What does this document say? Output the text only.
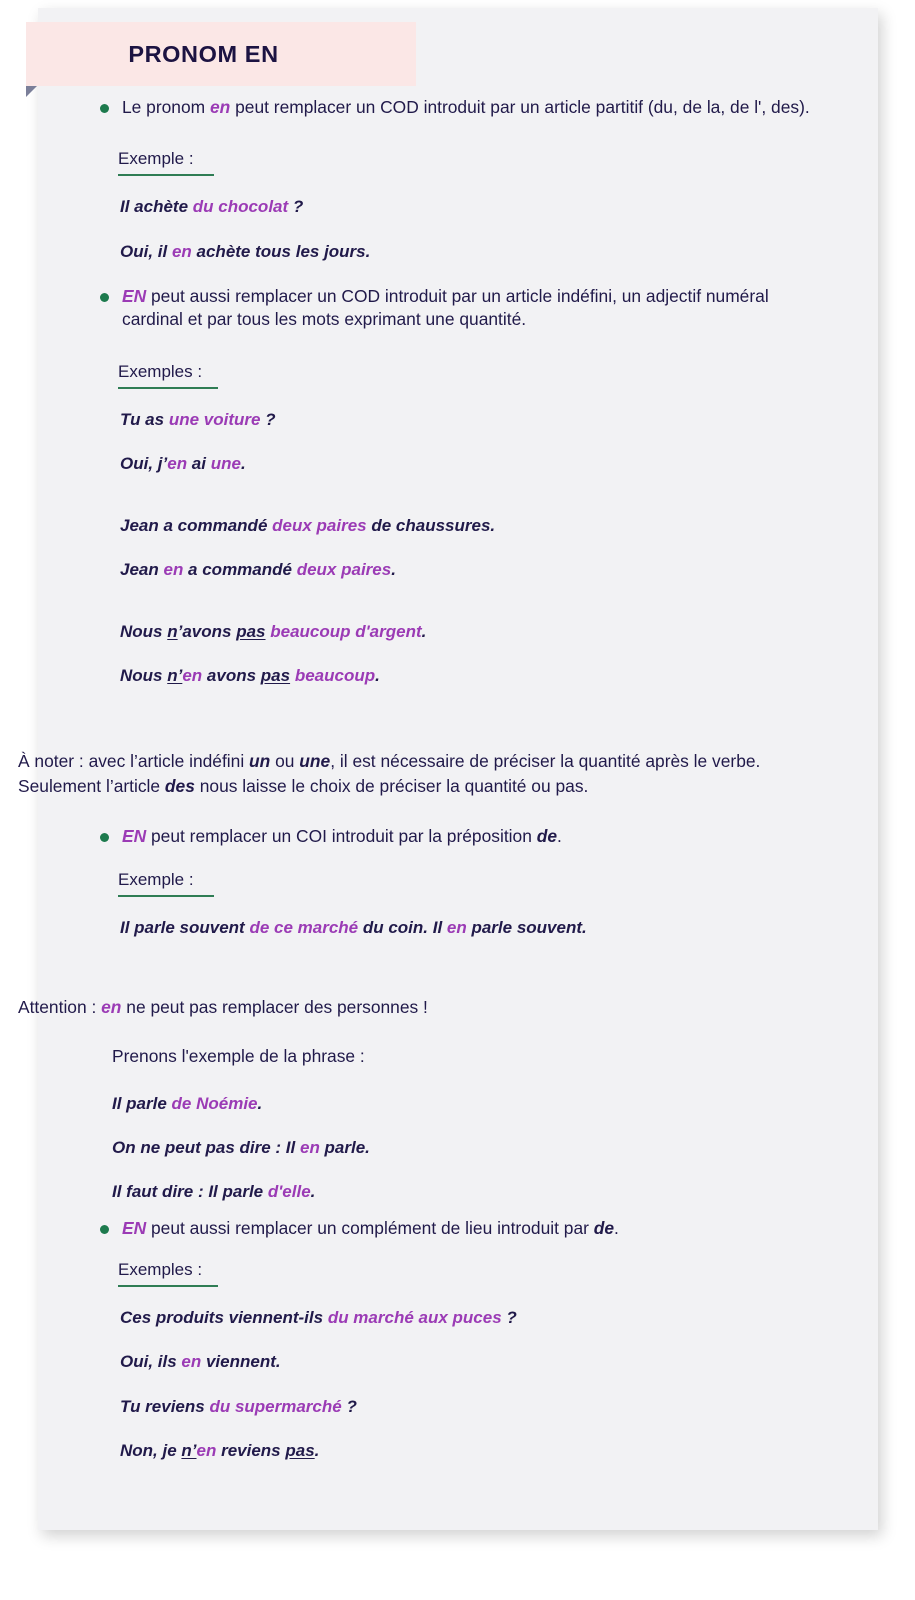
PRONOM EN
Le pronom en peut remplacer un COD introduit par un article partitif (du, de la, de l', des).
Exemple :
Il achète du chocolat ?
Oui, il en achète tous les jours.
EN peut aussi remplacer un COD introduit par un article indéfini, un adjectif numéral cardinal et par tous les mots exprimant une quantité.
Exemples :
Tu as une voiture ?
Oui, j’en ai une.
Jean a commandé deux paires de chaussures.
Jean en a commandé deux paires.
Nous n’avons pas beaucoup d'argent.
Nous n’en avons pas beaucoup.
À noter : avec l’article indéfini un ou une, il est nécessaire de préciser la quantité après le verbe. Seulement l’article des nous laisse le choix de préciser la quantité ou pas.
EN peut remplacer un COI introduit par la préposition de.
Exemple :
Il parle souvent de ce marché du coin. Il en parle souvent.
Attention : en ne peut pas remplacer des personnes !
Prenons l'exemple de la phrase :
Il parle de Noémie.
On ne peut pas dire : Il en parle.
Il faut dire : Il parle d'elle.
EN peut aussi remplacer un complément de lieu introduit par de.
Exemples :
Ces produits viennent-ils du marché aux puces ?
Oui, ils en viennent.
Tu reviens du supermarché ?
Non, je n’en reviens pas.
